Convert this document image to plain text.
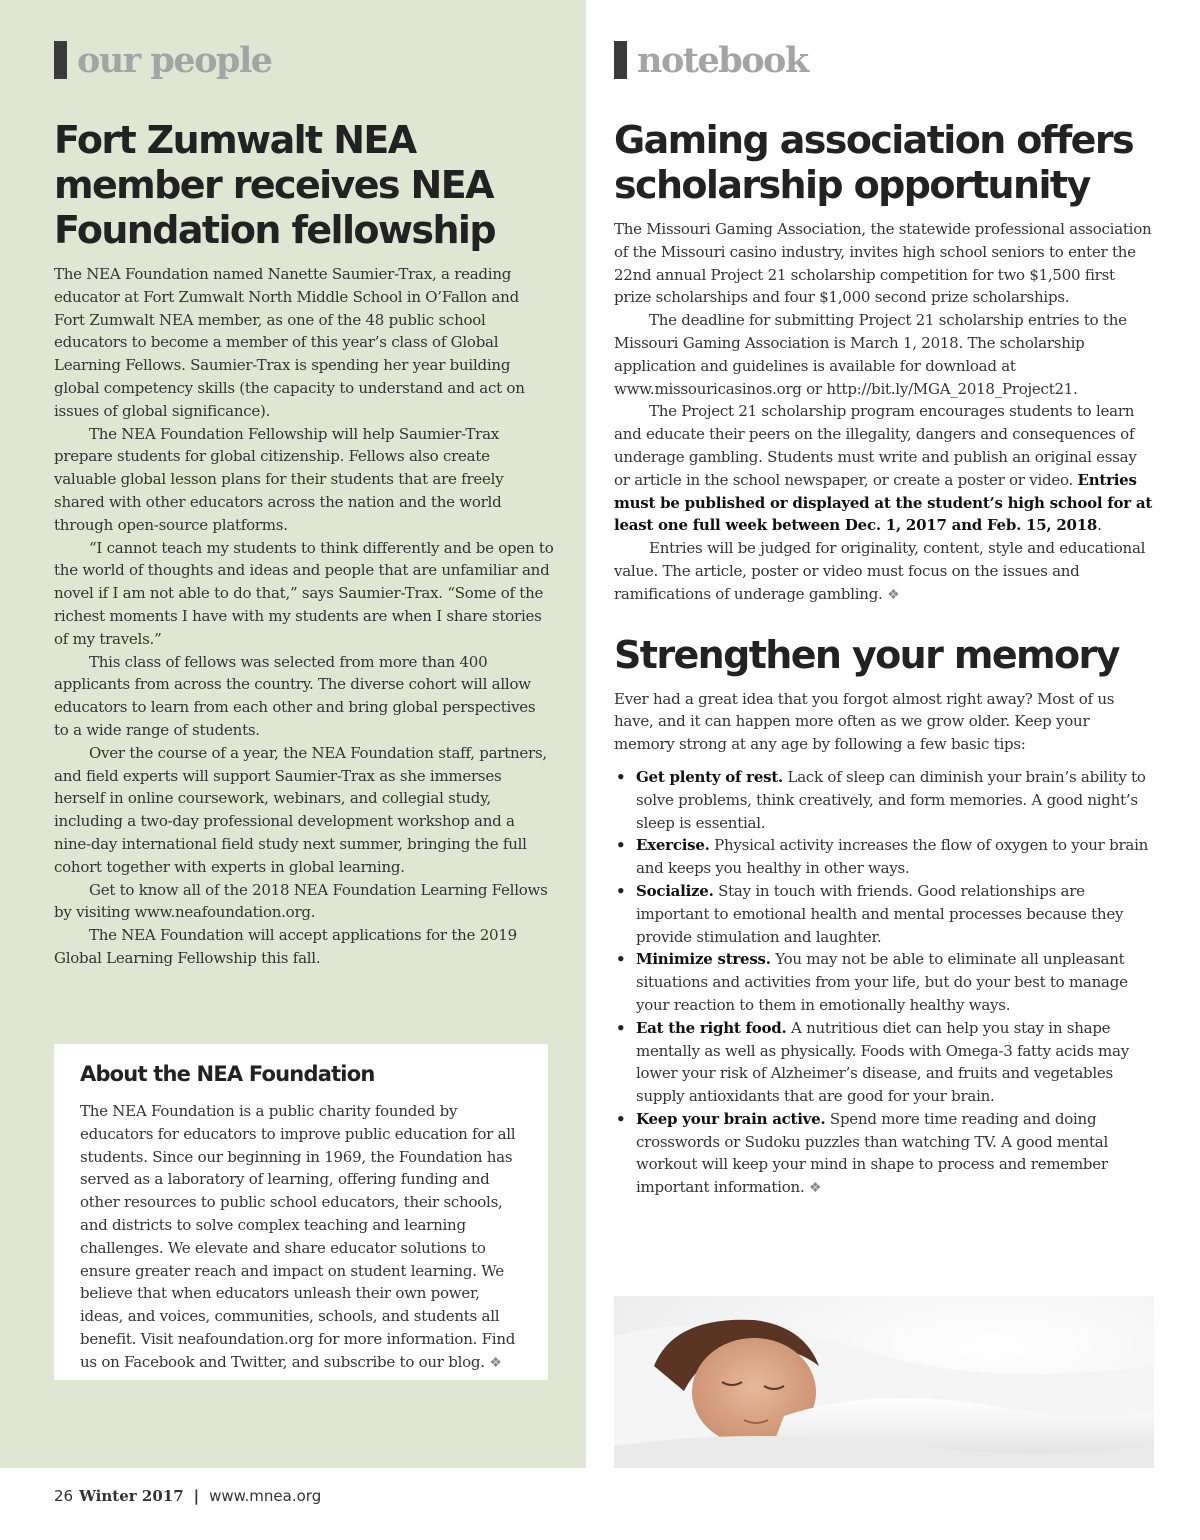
our people
Fort Zumwalt NEA member receives NEA Foundation fellowship

The NEA Foundation named Nanette Saumier-Trax, a reading educator at Fort Zumwalt North Middle School in O’Fallon and Fort Zumwalt NEA member, as one of the 48 public school educators to become a member of this year’s class of Global Learning Fellows. Saumier-Trax is spending her year building global competency skills (the capacity to understand and act on issues of global significance).

The NEA Foundation Fellowship will help Saumier-Trax prepare students for global citizenship. Fellows also create valuable global lesson plans for their students that are freely shared with other educators across the nation and the world through open-source platforms.

“I cannot teach my students to think differently and be open to the world of thoughts and ideas and people that are unfamiliar and novel if I am not able to do that,” says Saumier-Trax. “Some of the richest moments I have with my students are when I share stories of my travels.”

This class of fellows was selected from more than 400 applicants from across the country. The diverse cohort will allow educators to learn from each other and bring global perspectives to a wide range of students.

Over the course of a year, the NEA Foundation staff, partners, and field experts will support Saumier-Trax as she immerses herself in online coursework, webinars, and collegial study, including a two-day professional development workshop and a nine-day international field study next summer, bringing the full cohort together with experts in global learning.

Get to know all of the 2018 NEA Foundation Learning Fellows by visiting www.neafoundation.org.

The NEA Foundation will accept applications for the 2019 Global Learning Fellowship this fall.

About the NEA Foundation

The NEA Foundation is a public charity founded by educators for educators to improve public education for all students. Since our beginning in 1969, the Foundation has served as a laboratory of learning, offering funding and other resources to public school educators, their schools, and districts to solve complex teaching and learning challenges. We elevate and share educator solutions to ensure greater reach and impact on student learning. We believe that when educators unleash their own power, ideas, and voices, communities, schools, and students all benefit. Visit neafoundation.org for more information. Find us on Facebook and Twitter, and subscribe to our blog. ❖

notebook
Gaming association offers scholarship opportunity

The Missouri Gaming Association, the statewide professional association of the Missouri casino industry, invites high school seniors to enter the 22nd annual Project 21 scholarship competition for two $1,500 first prize scholarships and four $1,000 second prize scholarships.

The deadline for submitting Project 21 scholarship entries to the Missouri Gaming Association is March 1, 2018. The scholarship application and guidelines is available for download at www.missouricasinos.org or http://bit.ly/MGA_2018_Project21.

The Project 21 scholarship program encourages students to learn and educate their peers on the illegality, dangers and consequences of underage gambling. Students must write and publish an original essay or article in the school newspaper, or create a poster or video. Entries must be published or displayed at the student’s high school for at least one full week between Dec. 1, 2017 and Feb. 15, 2018.

Entries will be judged for originality, content, style and educational value. The article, poster or video must focus on the issues and ramifications of underage gambling. ❖

Strengthen your memory

Ever had a great idea that you forgot almost right away? Most of us have, and it can happen more often as we grow older. Keep your memory strong at any age by following a few basic tips:

• Get plenty of rest. Lack of sleep can diminish your brain’s ability to solve problems, think creatively, and form memories. A good night’s sleep is essential.
• Exercise. Physical activity increases the flow of oxygen to your brain and keeps you healthy in other ways.
• Socialize. Stay in touch with friends. Good relationships are important to emotional health and mental processes because they provide stimulation and laughter.
• Minimize stress. You may not be able to eliminate all unpleasant situations and activities from your life, but do your best to manage your reaction to them in emotionally healthy ways.
• Eat the right food. A nutritious diet can help you stay in shape mentally as well as physically. Foods with Omega-3 fatty acids may lower your risk of Alzheimer’s disease, and fruits and vegetables supply antioxidants that are good for your brain.
• Keep your brain active. Spend more time reading and doing crosswords or Sudoku puzzles than watching TV. A good mental workout will keep your mind in shape to process and remember important information. ❖
26 Winter 2017 | www.mnea.org
